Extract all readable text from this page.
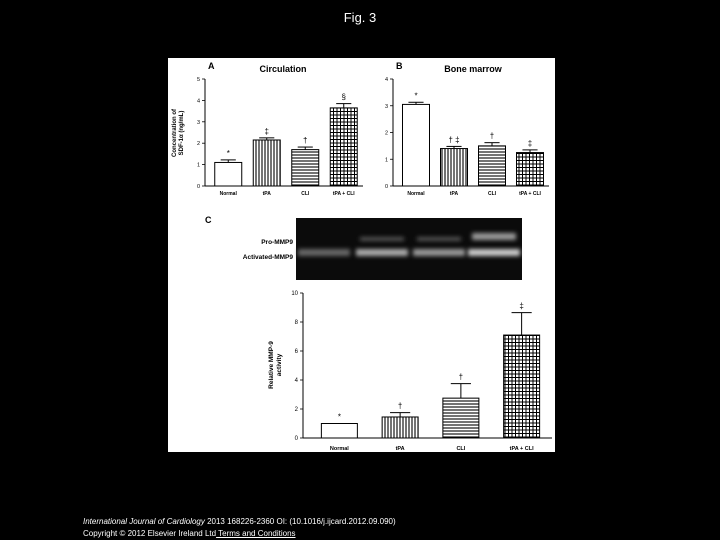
Fig. 3
A	Circulation
Concentration of SDF-1α (ng/mL)
B	Bone marrow
C
Pro-MMP9
Activated-MMP9
Relative MMP-9 activity
0
1
2
3
4
5
*
Normal
‡
tPA
†
CLI
§
tPA + CLI
0
1
2
3
4
*
Normal
† ‡
tPA
†
CLI
‡
tPA + CLI
0
2
4
6
8
10
*
Normal
†
tPA
†
CLI
‡
tPA + CLI
International Journal of Cardiology 2013 168226-2360 OI: (10.1016/j.ijcard.2012.09.090)
Copyright © 2012 Elsevier Ireland Ltd Terms and Conditions
